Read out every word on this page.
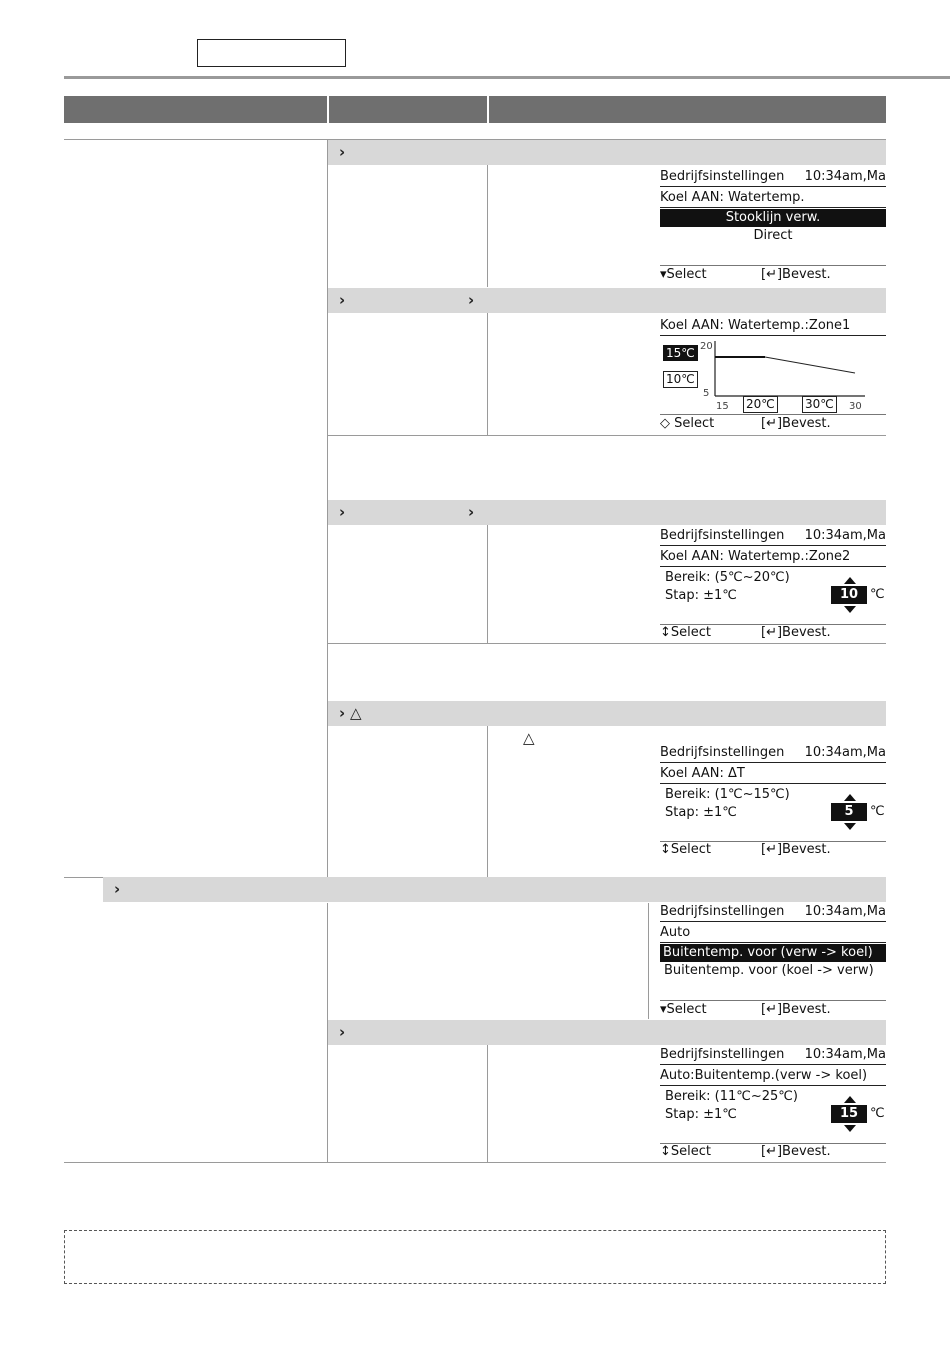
›
Bedrijfsinstellingen 10:34am,Ma
Koel AAN: Watertemp.
Stooklijn verw.
Direct
▾Select	[↵]Bevest.
›	›
Koel AAN: Watertemp.:Zone1
15℃
10℃
20
5
15 20℃	30℃	30
◇ Select	[↵]Bevest.
›	›
Bedrijfsinstellingen 10:34am,Ma
Koel AAN: Watertemp.:Zone2
Bereik: (5℃~20℃)
Stap: ±1℃	10 ℃
↕Select	[↵]Bevest.
› △
△
Bedrijfsinstellingen 10:34am,Ma
Koel AAN: ΔT
Bereik: (1℃~15℃)
Stap: ±1℃	5	℃
↕Select	[↵]Bevest.
›
Bedrijfsinstellingen 10:34am,Ma
Auto
Buitentemp. voor (verw -> koel)
Buitentemp. voor (koel -> verw)
▾Select	[↵]Bevest.
›
Bedrijfsinstellingen 10:34am,Ma
Auto:Buitentemp.(verw -> koel)
Bereik: (11℃~25℃)
Stap: ±1℃	15 ℃
↕Select	[↵]Bevest.
